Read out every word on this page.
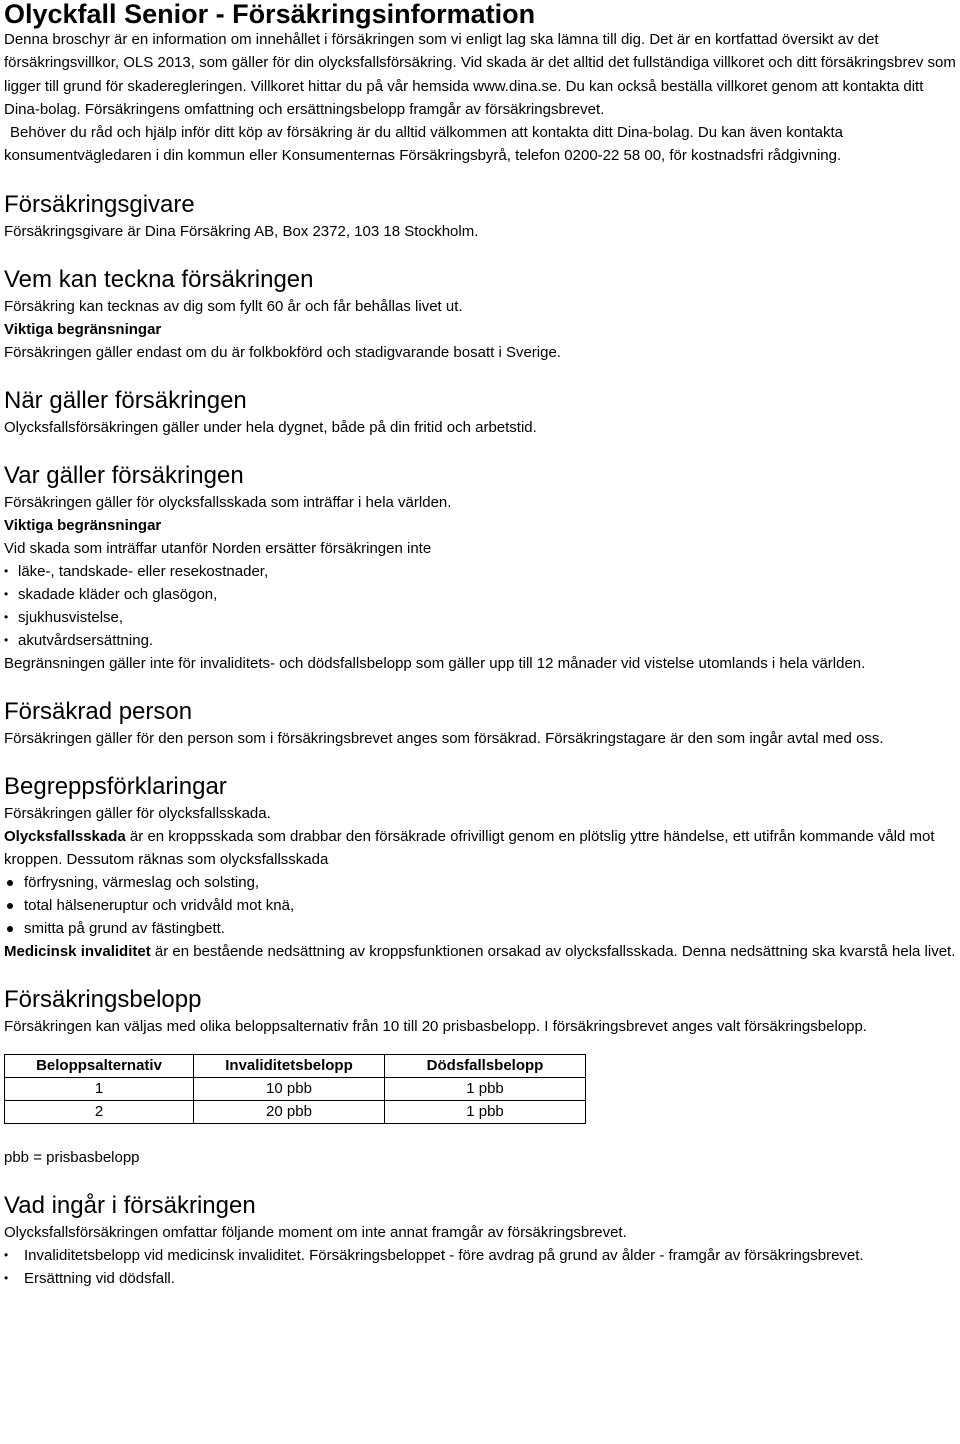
Olyckfall Senior - Försäkringsinformation

Denna broschyr är en information om innehållet i försäkringen som vi enligt lag ska lämna till dig. Det är en kortfattad översikt av det försäkringsvillkor, OLS 2013, som gäller för din olycksfallsförsäkring. Vid skada är det alltid det fullständiga villkoret och ditt försäkringsbrev som ligger till grund för skaderegleringen. Villkoret hittar du på vår hemsida www.dina.se. Du kan också beställa villkoret genom att kontakta ditt Dina-bolag. Försäkringens omfattning och ersättningsbelopp framgår av försäkringsbrevet.

Behöver du råd och hjälp inför ditt köp av försäkring är du alltid välkommen att kontakta ditt Dina-bolag. Du kan även kontakta konsumentvägledaren i din kommun eller Konsumenternas Försäkringsbyrå, telefon 0200-22 58 00, för kostnadsfri rådgivning.

Försäkringsgivare

Försäkringsgivare är Dina Försäkring AB, Box 2372, 103 18 Stockholm.

Vem kan teckna försäkringen

Försäkring kan tecknas av dig som fyllt 60 år och får behållas livet ut.

Viktiga begränsningar

Försäkringen gäller endast om du är folkbokförd och stadigvarande bosatt i Sverige.

När gäller försäkringen

Olycksfallsförsäkringen gäller under hela dygnet, både på din fritid och arbetstid.

Var gäller försäkringen

Försäkringen gäller för olycksfallsskada som inträffar i hela världen.

Viktiga begränsningar

Vid skada som inträffar utanför Norden ersätter försäkringen inte

• läke-, tandskade- eller resekostnader,
• skadade kläder och glasögon,
• sjukhusvistelse,
• akutvårdsersättning.

Begränsningen gäller inte för invaliditets- och dödsfallsbelopp som gäller upp till 12 månader vid vistelse utomlands i hela världen.

Försäkrad person

Försäkringen gäller för den person som i försäkringsbrevet anges som försäkrad. Försäkringstagare är den som ingår avtal med oss.

Begreppsförklaringar

Försäkringen gäller för olycksfallsskada.

Olycksfallsskada är en kroppsskada som drabbar den försäkrade ofrivilligt genom en plötslig yttre händelse, ett utifrån kommande våld mot kroppen. Dessutom räknas som olycksfallsskada

förfrysning, värmeslag och solsting,
total hälseneruptur och vridvåld mot knä,
smitta på grund av fästingbett.

Medicinsk invaliditet är en bestående nedsättning av kroppsfunktionen orsakad av olycksfallsskada. Denna nedsättning ska kvarstå hela livet.

Försäkringsbelopp

Försäkringen kan väljas med olika beloppsalternativ från 10 till 20 prisbasbelopp. I försäkringsbrevet anges valt försäkringsbelopp.

Beloppsalternativ	Invaliditetsbelopp	Dödsfallsbelopp
1	10 pbb	1 pbb
2	20 pbb	1 pbb

pbb = prisbasbelopp

Vad ingår i försäkringen

Olycksfallsförsäkringen omfattar följande moment om inte annat framgår av försäkringsbrevet.

• Invaliditetsbelopp vid medicinsk invaliditet. Försäkringsbeloppet - före avdrag på grund av ålder - framgår av försäkringsbrevet.
• Ersättning vid dödsfall.
